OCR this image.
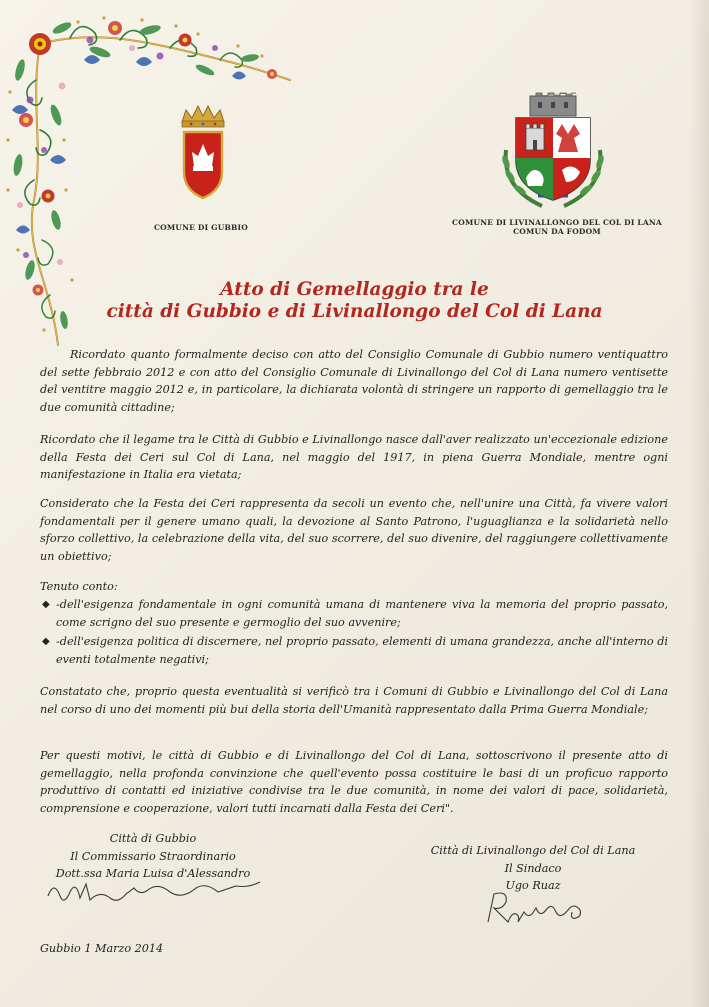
COMUNE DI GUBBIO
COMUNE DI LIVINALLONGO DEL COL DI LANA
COMUN DA FODOM
Atto di Gemellaggio tra le
città di Gubbio e di Livinallongo del Col di Lana

Ricordato quanto formalmente deciso con atto del Consiglio Comunale di Gubbio numero ventiquattro del sette febbraio 2012 e con atto del Consiglio Comunale di Livinallongo del Col di Lana numero ventisette del ventitre maggio 2012 e, in particolare, la dichiarata volontà di stringere un rapporto di gemellaggio tra le due comunità cittadine;

Ricordato che il legame tra le Città di Gubbio e Livinallongo nasce dall'aver realizzato un'eccezionale edizione della Festa dei Ceri sul Col di Lana, nel maggio del 1917, in piena Guerra Mondiale, mentre ogni manifestazione in Italia era vietata;

Considerato che la Festa dei Ceri rappresenta da secoli un evento che, nell'unire una Città, fa vivere valori fondamentali per il genere umano quali, la devozione al Santo Patrono, l'uguaglianza e la solidarietà nello sforzo collettivo, la celebrazione della vita, del suo scorrere, del suo divenire, del raggiungere collettivamente un obiettivo;

Tenuto conto:

◆ -dell'esigenza fondamentale in ogni comunità umana di mantenere viva la memoria del proprio passato, come scrigno del suo presente e germoglio del suo avvenire;
◆ -dell'esigenza politica di discernere, nel proprio passato, elementi di umana grandezza, anche all'interno di eventi totalmente negativi;

Constatato che, proprio questa eventualità si verificò tra i Comuni di Gubbio e Livinallongo del Col di Lana nel corso di uno dei momenti più bui della storia dell'Umanità rappresentato dalla Prima Guerra Mondiale;

Per questi motivi, le città di Gubbio e di Livinallongo del Col di Lana, sottoscrivono il presente atto di gemellaggio, nella profonda convinzione che quell'evento possa costituire le basi di un proficuo rapporto produttivo di contatti ed iniziative condivise tra le due comunità, in nome dei valori di pace, solidarietà, comprensione e cooperazione, valori tutti incarnati dalla Festa dei Ceri".

Città di Gubbio
Il Commissario Straordinario
Dott.ssa Maria Luisa d'Alessandro
Città di Livinallongo del Col di Lana
Il Sindaco
Ugo Ruaz
Gubbio 1 Marzo 2014
